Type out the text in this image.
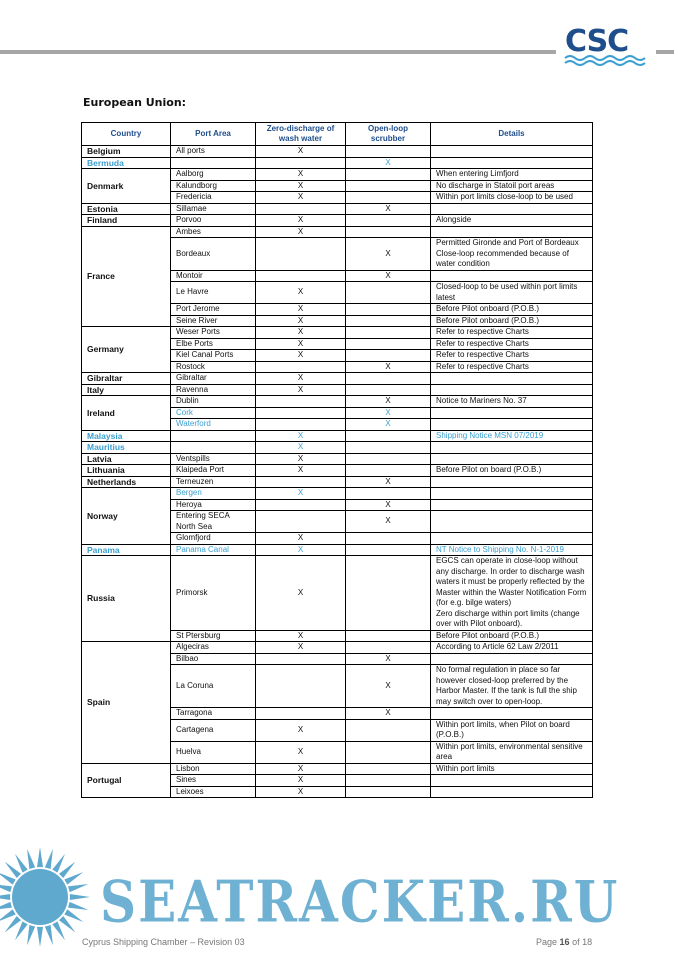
CSC
European Union:
Country	Port Area	Zero-discharge of wash water	Open-loop scrubber	Details
Belgium	All ports	X		
Bermuda			X	
Denmark	Aalborg	X		When entering Limfjord
	Kalundborg	X		No discharge in Statoil port areas
	Fredericia	X		Within port limits close-loop to be used
Estonia	Sillamae		X	
Finland	Porvoo	X		Alongside
France	Ambes	X		
	Bordeaux		X	Permitted Gironde and Port of Bordeaux
Close-loop recommended because of water condition
	Montoir		X	
	Le Havre	X		Closed-loop to be used within port limits latest
	Port Jerome	X		Before Pilot onboard (P.O.B.)
	Seine River	X		Before Pilot onboard (P.O.B.)
Germany	Weser Ports	X		Refer to respective Charts
	Elbe Ports	X		Refer to respective Charts
	Kiel Canal Ports	X		Refer to respective Charts
	Rostock		X	Refer to respective Charts
Gibraltar	Gibraltar	X		
Italy	Ravenna	X		
Ireland	Dublin		X	Notice to Mariners No. 37
	Cork		X	
	Waterford		X	
Malaysia		X		Shipping Notice MSN 07/2019
Mauritius		X		
Latvia	Ventspills	X		
Lithuania	Klaipeda Port	X		Before Pilot on board (P.O.B.)
Netherlands	Terneuzen		X	
Norway	Bergen	X		
	Heroya		X	
	Entering SECA North Sea		X	
	Glomfjord	X		
Panama	Panama Canal	X		NT Notice to Shipping No. N-1-2019
Russia	Primorsk	X		EGCS can operate in close-loop without any discharge. In order to discharge wash waters it must be properly reflected by the Master within the Waster Notification Form (for e.g. bilge waters)
Zero discharge within port limits (change over with Pilot onboard).
	St Ptersburg	X		Before Pilot onboard (P.O.B.)
Spain	Algeciras	X		According to Article 62 Law 2/2011
	Bilbao		X	
	La Coruna		X	No formal regulation in place so far however closed-loop preferred by the Harbor Master. If the tank is full the ship may switch over to open-loop.
	Tarragona		X	
	Cartagena	X		Within port limits, when Pilot on board (P.O.B.)
	Huelva	X		Within port limits, environmental sensitive area
Portugal	Lisbon	X		Within port limits
	Sines	X		
	Leixoes	X		
SEATRACKER.RU
Cyprus Shipping Chamber – Revision 03	Page 16 of 18
